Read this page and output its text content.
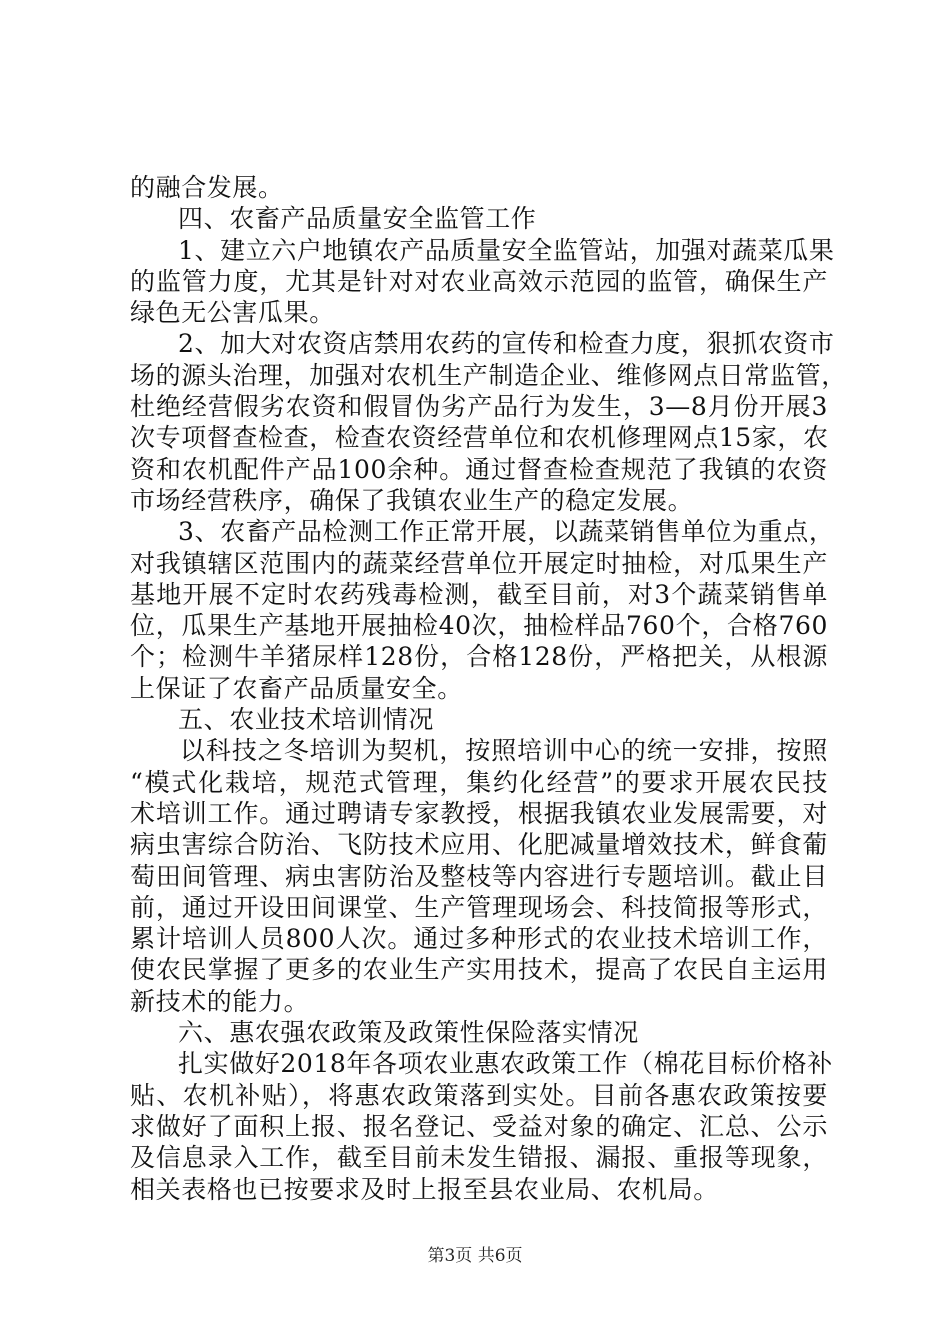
的融合发展。
四、农畜产品质量安全监管工作
1、建立六户地镇农产品质量安全监管站，加强对蔬菜瓜果
的监管力度，尤其是针对对农业高效示范园的监管，确保生产
绿色无公害瓜果。
2、加大对农资店禁用农药的宣传和检查力度，狠抓农资市
场的源头治理，加强对农机生产制造企业、维修网点日常监管，
杜绝经营假劣农资和假冒伪劣产品行为发生，3—8月份开展3
次专项督查检查，检查农资经营单位和农机修理网点15家，农
资和农机配件产品100余种。通过督查检查规范了我镇的农资
市场经营秩序，确保了我镇农业生产的稳定发展。
3、农畜产品检测工作正常开展，以蔬菜销售单位为重点，
对我镇辖区范围内的蔬菜经营单位开展定时抽检，对瓜果生产
基地开展不定时农药残毒检测，截至目前，对3个蔬菜销售单
位，瓜果生产基地开展抽检40次，抽检样品760个，合格760
个；检测牛羊猪尿样128份，合格128份，严格把关，从根源
上保证了农畜产品质量安全。
五、农业技术培训情况
以科技之冬培训为契机，按照培训中心的统一安排，按照
“模式化栽培，规范式管理，集约化经营”的要求开展农民技
术培训工作。通过聘请专家教授，根据我镇农业发展需要，对
病虫害综合防治、飞防技术应用、化肥减量增效技术，鲜食葡
萄田间管理、病虫害防治及整枝等内容进行专题培训。截止目
前，通过开设田间课堂、生产管理现场会、科技简报等形式，
累计培训人员800人次。通过多种形式的农业技术培训工作，
使农民掌握了更多的农业生产实用技术，提高了农民自主运用
新技术的能力。
六、惠农强农政策及政策性保险落实情况
扎实做好2018年各项农业惠农政策工作（棉花目标价格补
贴、农机补贴），将惠农政策落到实处。目前各惠农政策按要
求做好了面积上报、报名登记、受益对象的确定、汇总、公示
及信息录入工作，截至目前未发生错报、漏报、重报等现象，
相关表格也已按要求及时上报至县农业局、农机局。
第3页 共6页
